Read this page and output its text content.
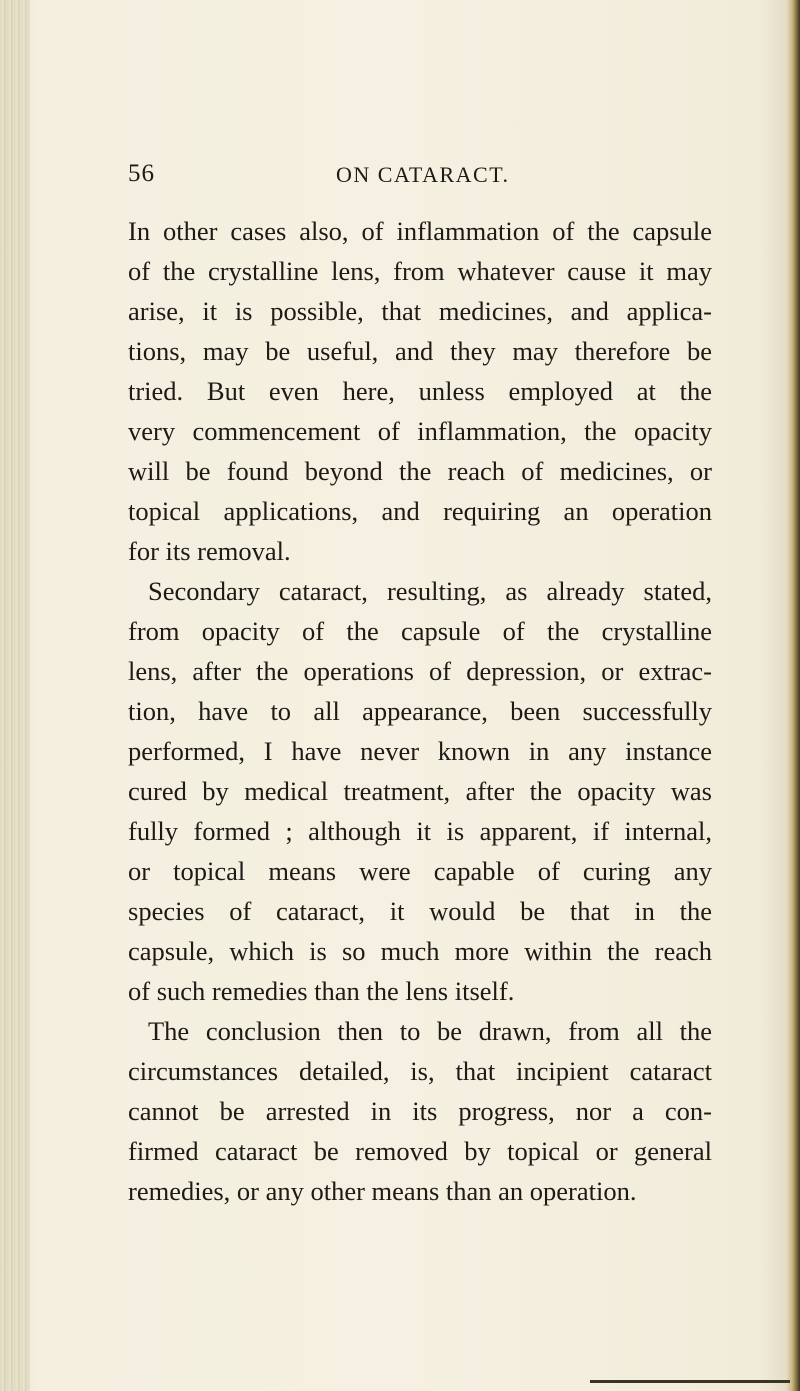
56	ON CATARACT.
In other cases also, of inflammation of the capsule
of the crystalline lens, from whatever cause it may
arise, it is possible, that medicines, and applica-
tions, may be useful, and they may therefore be
tried. But even here, unless employed at the
very commencement of inflammation, the opacity
will be found beyond the reach of medicines, or
topical applications, and requiring an operation
for its removal.
Secondary cataract, resulting, as already stated,
from opacity of the capsule of the crystalline
lens, after the operations of depression, or extrac-
tion, have to all appearance, been successfully
performed, I have never known in any instance
cured by medical treatment, after the opacity was
fully formed ; although it is apparent, if internal,
or topical means were capable of curing any
species of cataract, it would be that in the
capsule, which is so much more within the reach
of such remedies than the lens itself.
The conclusion then to be drawn, from all the
circumstances detailed, is, that incipient cataract
cannot be arrested in its progress, nor a con-
firmed cataract be removed by topical or general
remedies, or any other means than an operation.
